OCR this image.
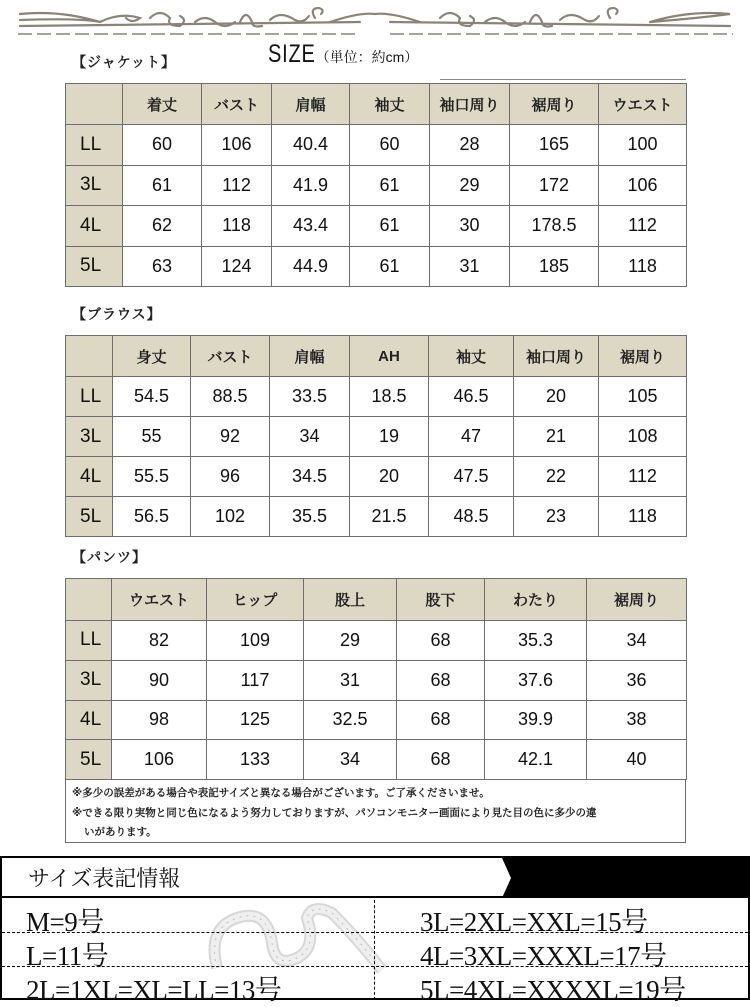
【ジャケット】	SIZE（単位：約cm）
	着丈	バスト	肩幅	袖丈	袖口周り	裾周り	ウエスト
LL	60	106	40.4	60	28	165	100
3L	61	112	41.9	61	29	172	106
4L	62	118	43.4	61	30	178.5	112
5L	63	124	44.9	61	31	185	118
【ブラウス】
	身丈	バスト	肩幅	AH	袖丈	袖口周り	裾周り
LL	54.5	88.5	33.5	18.5	46.5	20	105
3L	55	92	34	19	47	21	108
4L	55.5	96	34.5	20	47.5	22	112
5L	56.5	102	35.5	21.5	48.5	23	118
【パンツ】
	ウエスト	ヒップ	股上	股下	わたり	裾周り
LL	82	109	29	68	35.3	34
3L	90	117	31	68	37.6	36
4L	98	125	32.5	68	39.9	38
5L	106	133	34	68	42.1	40
※多少の誤差がある場合や表記サイズと異なる場合がございます。ご了承くださいませ。
※できる限り実物と同じ色になるよう努力しておりますが、パソコンモニター画面により見た目の色に多少の違
いがあります。
サイズ表記情報
M=9号
L=11号
2L=1XL=XL=LL=13号
3L=2XL=XXL=15号
4L=3XL=XXXL=17号
5L=4XL=XXXXL=19号
